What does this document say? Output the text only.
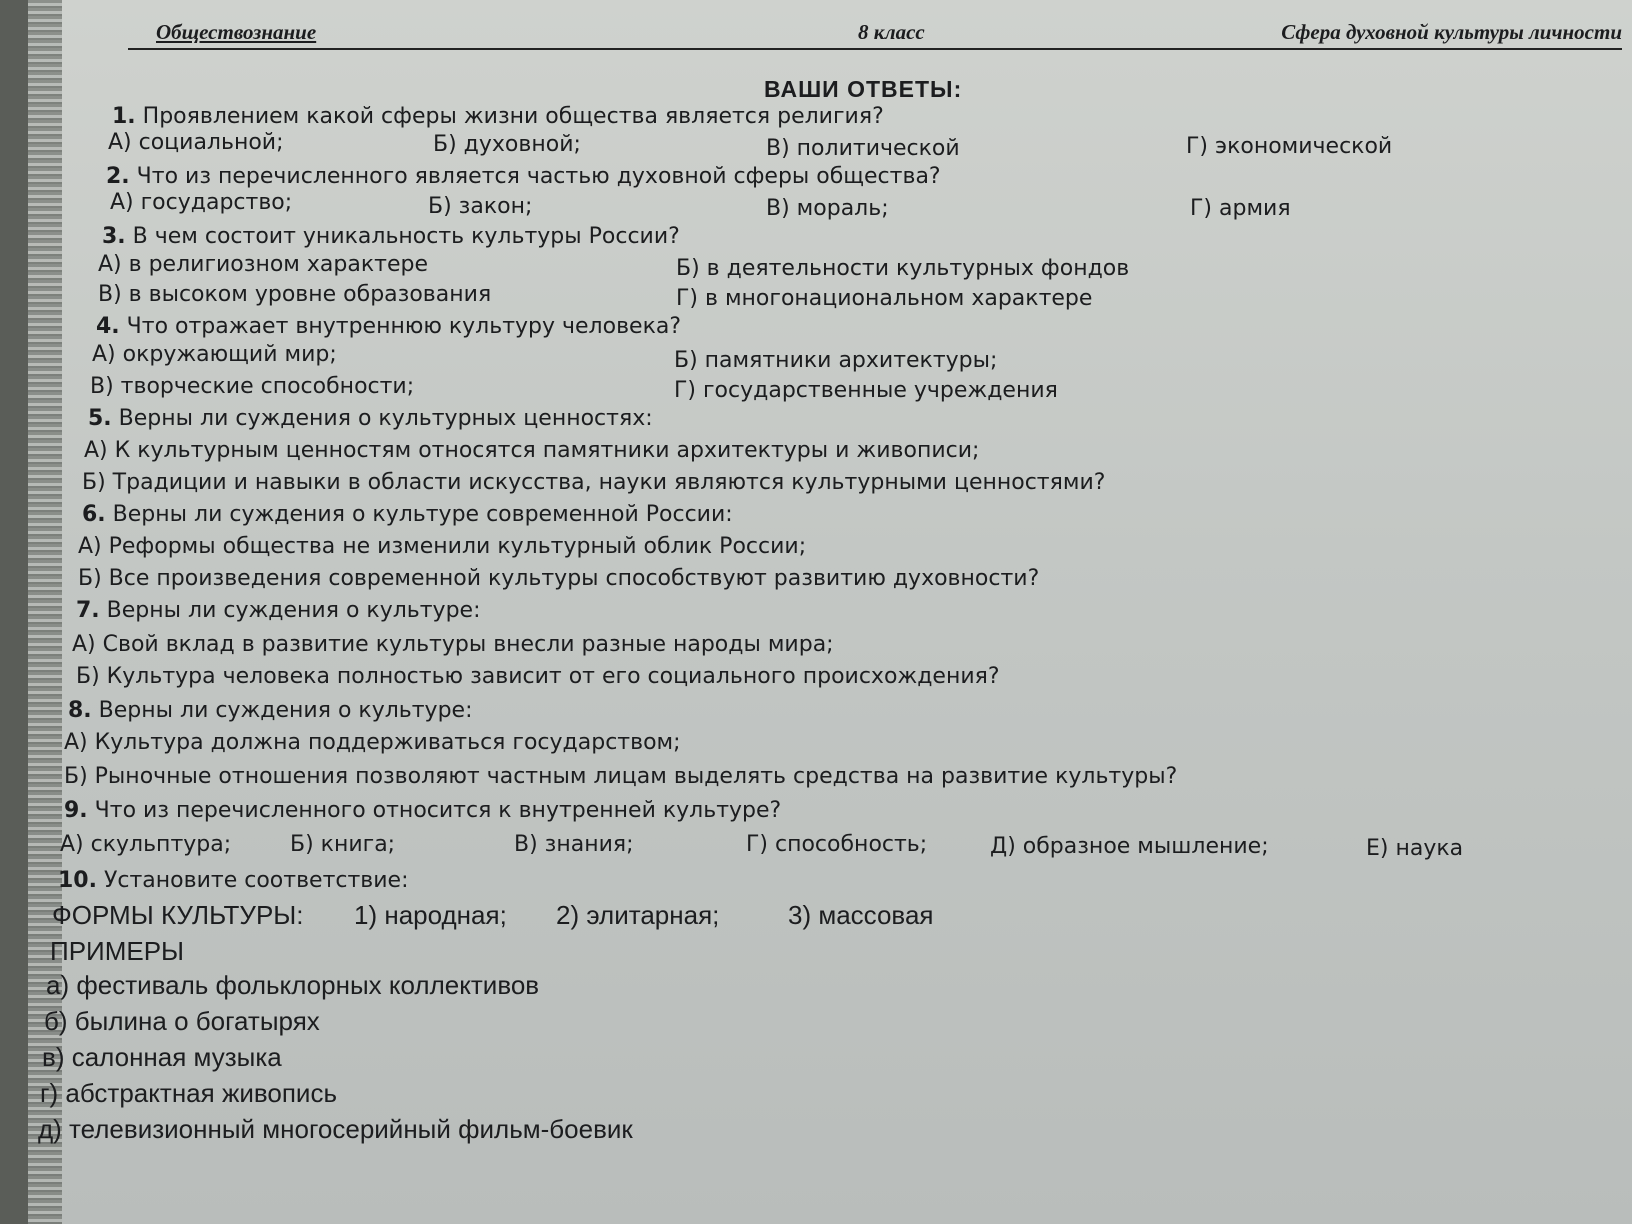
Обществознание	8 класс	Сфера духовной культуры личности
ВАШИ ОТВЕТЫ:
1. Проявлением какой сферы жизни общества является религия?
А) социальной;	Б) духовной;	В) политической	Г) экономической
2. Что из перечисленного является частью духовной сферы общества?
А) государство;	Б) закон;	В) мораль;	Г) армия
3. В чем состоит уникальность культуры России?
А) в религиозном характере	Б) в деятельности культурных фондов
В) в высоком уровне образования	Г) в многонациональном характере
4. Что отражает внутреннюю культуру человека?
А) окружающий мир;	Б) памятники архитектуры;
В) творческие способности;	Г) государственные учреждения
5. Верны ли суждения о культурных ценностях:
А) К культурным ценностям относятся памятники архитектуры и живописи;
Б) Традиции и навыки в области искусства, науки являются культурными ценностями?
6. Верны ли суждения о культуре современной России:
А) Реформы общества не изменили культурный облик России;
Б) Все произведения современной культуры способствуют развитию духовности?
7. Верны ли суждения о культуре:
А) Свой вклад в развитие культуры внесли разные народы мира;
Б) Культура человека полностью зависит от его социального происхождения?
8. Верны ли суждения о культуре:
А) Культура должна поддерживаться государством;
Б) Рыночные отношения позволяют частным лицам выделять средства на развитие культуры?
9. Что из перечисленного относится к внутренней культуре?
А) скульптура;	Б) книга;	В) знания;	Г) способность;	Д) образное мышление;	Е) наука
10. Установите соответствие:
ФОРМЫ КУЛЬТУРЫ: 1) народная; 2) элитарная;	3) массовая
ПРИМЕРЫ
а) фестиваль фольклорных коллективов
б) былина о богатырях
в) салонная музыка
г) абстрактная живопись
д) телевизионный многосерийный фильм-боевик
